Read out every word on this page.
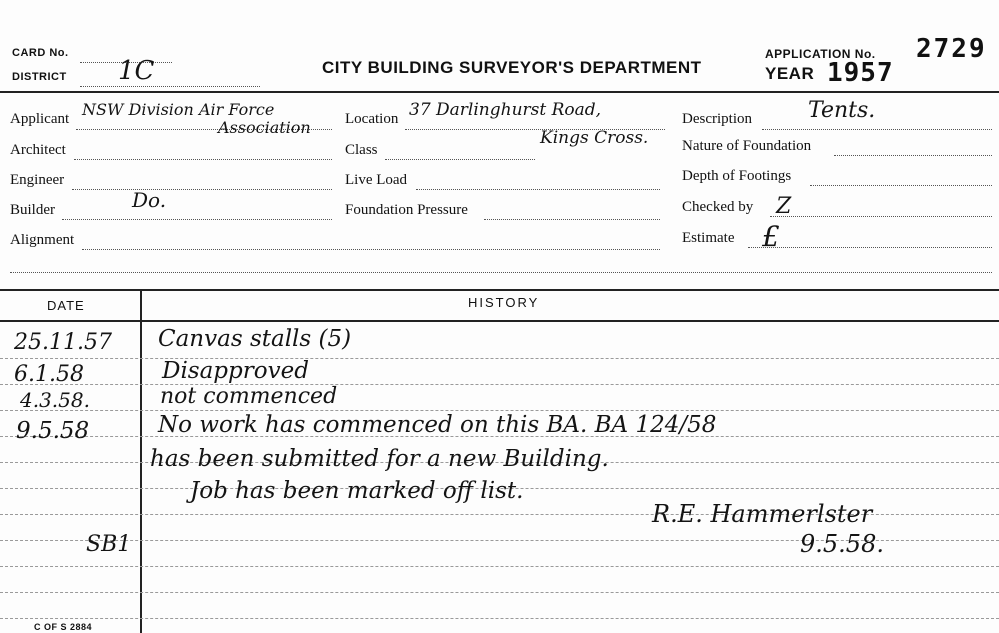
CARD No.
DISTRICT 1C	CITY BUILDING SURVEYOR'S DEPARTMENT
APPLICATION No. 2729
YEAR 1957
Applicant NSW Division Air Force
Association
Architect
Engineer
Builder	Do.
Alignment
Location 37 Darlinghurst Road,
Kings Cross.
Class
Live Load
Foundation Pressure
Description	Tents.
Nature of Foundation
Depth of Footings
Checked by Z
Estimate £
DATE	HISTORY
25.11.57 Canvas stalls (5)
6.1.58	Disapproved
4.3.58.	not commenced
9.5.58	No work has commenced on this BA. BA 124/58
has been submitted for a new Building.
Job has been marked off list.
R.E. Hammerlster
9.5.58.
SB1
C OF S 2884
